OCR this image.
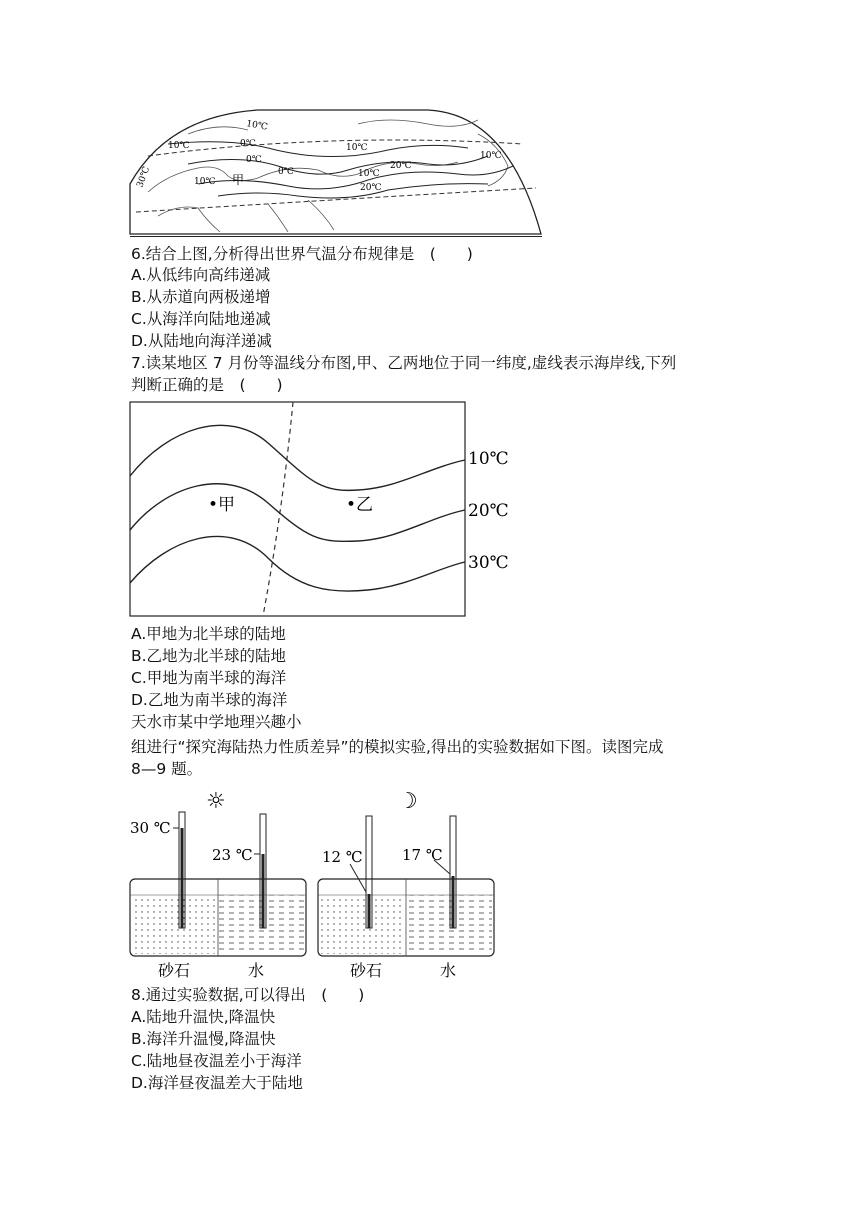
10℃
0℃
0℃
10℃
10℃
0℃	10℃
20℃
20℃
30℃
10℃
10℃
甲
6.结合上图,分析得出世界气温分布规律是　(　　)
A.从低纬向高纬递减
B.从赤道向两极递增
C.从海洋向陆地递减
D.从陆地向海洋递减
7.读某地区 7 月份等温线分布图,甲、乙两地位于同一纬度,虚线表示海岸线,下列
判断正确的是　(　　)
10℃
20℃
30℃
•甲	•乙
A.甲地为北半球的陆地
B.乙地为北半球的陆地
C.甲地为南半球的海洋
D.乙地为南半球的海洋
天水市某中学地理兴趣小
组进行“探究海陆热力性质差异”的模拟实验,得出的实验数据如下图。读图完成
8—9 题。
☼	☽
30 ℃
23 ℃	12 ℃	17 ℃
砂石	水	砂石	水
8.通过实验数据,可以得出　(　　)
A.陆地升温快,降温快
B.海洋升温慢,降温快
C.陆地昼夜温差小于海洋
D.海洋昼夜温差大于陆地
